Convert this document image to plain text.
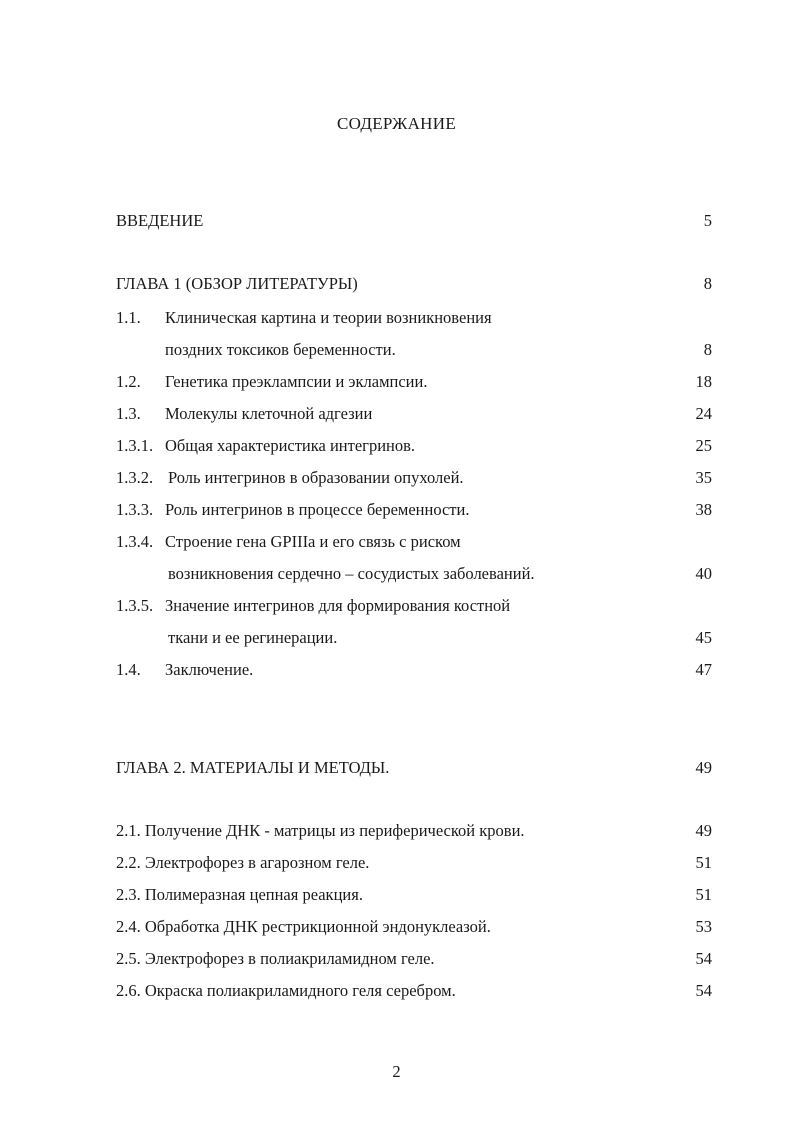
СОДЕРЖАНИЕ
ВВЕДЕНИЕ	5
ГЛАВА 1 (ОБЗОР ЛИТЕРАТУРЫ)	8
1.1. Клиническая картина и теории возникновения
поздних токсиков беременности.	8
1.2. Генетика преэклампсии и эклампсии.	18
1.3. Молекулы клеточной адгезии	24
1.3.1. Общая характеристика интегринов.	25
1.3.2. Роль интегринов в образовании опухолей.	35
1.3.3. Роль интегринов в процессе беременности.	38
1.3.4. Строение гена GPIIIa и его связь с риском
возникновения сердечно – сосудистых заболеваний.	40
1.3.5. Значение интегринов для формирования костной
ткани и ее регинерации.	45
1.4. Заключение.	47
ГЛАВА 2. МАТЕРИАЛЫ И МЕТОДЫ.	49
2.1. Получение ДНК - матрицы из периферической крови.	49
2.2. Электрофорез в агарозном геле.	51
2.3. Полимеразная цепная реакция.	51
2.4. Обработка ДНК рестрикционной эндонуклеазой.	53
2.5. Электрофорез в полиакриламидном геле.	54
2.6. Окраска полиакриламидного геля серебром.	54
2
